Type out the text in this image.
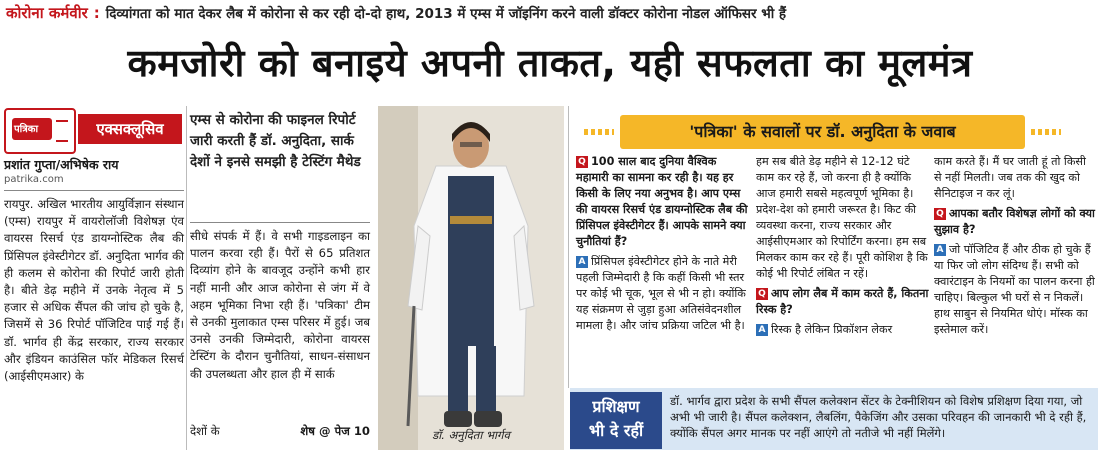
कोरोना कर्मवीर : दिव्यांगता को मात देकर लैब में कोरोना से कर रही दो-दो हाथ, 2013 में एम्स में जॉइनिंग करने वाली डॉक्टर कोरोना नोडल ऑफिसर भी हैं
कमजोरी को बनाइये अपनी ताकत, यही सफलता का मूलमंत्र
पत्रिका	एक्सक्लूसिव
प्रशांत गुप्ता/अभिषेक राय
patrika.com
रायपुर. अखिल भारतीय आयुर्विज्ञान संस्थान (एम्स) रायपुर में वायरोलॉजी विशेषज्ञ एंव वायरस रिसर्च एंड डायग्नोस्टिक लैब की प्रिंसिपल इंवेस्टीगेटर डॉ. अनुदिता भार्गव की ही कलम से कोरोना की रिपोर्ट जारी होती है। बीते डेढ़ महीने में उनके नेतृत्व में 5 हजार से अधिक सैंपल की जांच हो चुके है, जिसमें से 36 रिपोर्ट पॉजिटिव पाई गई हैं। डॉ. भार्गव ही केंद्र सरकार, राज्य सरकार और इंडियन काउंसिल फॉर मेडिकल रिसर्च (आईसीएमआर) के
एम्स से कोरोना की फाइनल रिपोर्ट जारी करती हैं डॉ. अनुदिता, सार्क देशों ने इनसे समझी है टेस्टिंग मैथेड
सीधे संपर्क में हैं। वे सभी गाइडलाइन का पालन करवा रही हैं। पैरों से 65 प्रतिशत दिव्यांग होने के बावजूद उन्होंने कभी हार नहीं मानी और आज कोरोना से जंग में वे अहम भूमिका निभा रही हैं। 'पत्रिका' टीम से उनकी मुलाकात एम्स परिसर में हुई। जब उनसे उनकी जिम्मेदारी, कोरोना वायरस टेस्टिंग के दौरान चुनौतियां, साधन-संसाधन की उपलब्धता और हाल ही में सार्क
देशों के	शेष @ पेज 10	डॉ. अनुदिता भार्गव
'पत्रिका' के सवालों पर डॉ. अनुदिता के जवाब
Q 100 साल बाद दुनिया वैश्विक महामारी का सामना कर रही है। यह हर किसी के लिए नया अनुभव है। आप एम्स की वायरस रिसर्च एंड डायग्नोस्टिक लैब की प्रिंसिपल इंवेस्टीगेटर हैं। आपके सामने क्या चुनौतियां हैं?
A प्रिंसिपल इंवेस्टीगेटर होने के नाते मेरी पहली जिम्मेदारी है कि कहीं किसी भी स्तर पर कोई भी चूक, भूल से भी न हो। क्योंकि यह संक्रमण से जुड़ा हुआ अतिसंवेदनशील मामला है। और जांच प्रक्रिया जटिल भी है।
हम सब बीते डेढ़ महीने से 12-12 घंटे काम कर रहे हैं, जो करना ही है क्योंकि आज हमारी सबसे महत्वपूर्ण भूमिका है। प्रदेश-देश को हमारी जरूरत है। किट की व्यवस्था करना, राज्य सरकार और आईसीएमआर को रिपोर्टिंग करना। हम सब मिलकर काम कर रहे हैं। पूरी कोशिश है कि कोई भी रिपोर्ट लंबित न रहें।
Q आप लोग लैब में काम करते हैं, कितना रिस्क है?
A रिस्क है लेकिन प्रिकॉशन लेकर
काम करते हैं। मैं घर जाती हूं तो किसी से नहीं मिलती। जब तक की खुद को सैनिटाइज न कर लूं।
Q आपका बतौर विशेषज्ञ लोगों को क्या सुझाव है?
A जो पॉजिटिव हैं और ठीक हो चुके हैं या फिर जो लोग संदिग्ध हैं। सभी को क्वारंटाइन के नियमों का पालन करना ही चाहिए। बिल्कुल भी घरों से न निकलें। हाथ साबुन से नियमित धोएं। मॉस्क का इस्तेमाल करें।
प्रशिक्षण
भी दे रहीं
डॉ. भार्गव द्वारा प्रदेश के सभी सैंपल कलेक्शन सेंटर के टेक्नीशियन को विशेष प्रशिक्षण दिया गया, जो अभी भी जारी है। सैंपल कलेक्शन, लैबलिंग, पैकेजिंग और उसका परिवहन की जानकारी भी दे रही हैं, क्योंकि सैंपल अगर मानक पर नहीं आएंगे तो नतीजे भी नहीं मिलेंगे।
